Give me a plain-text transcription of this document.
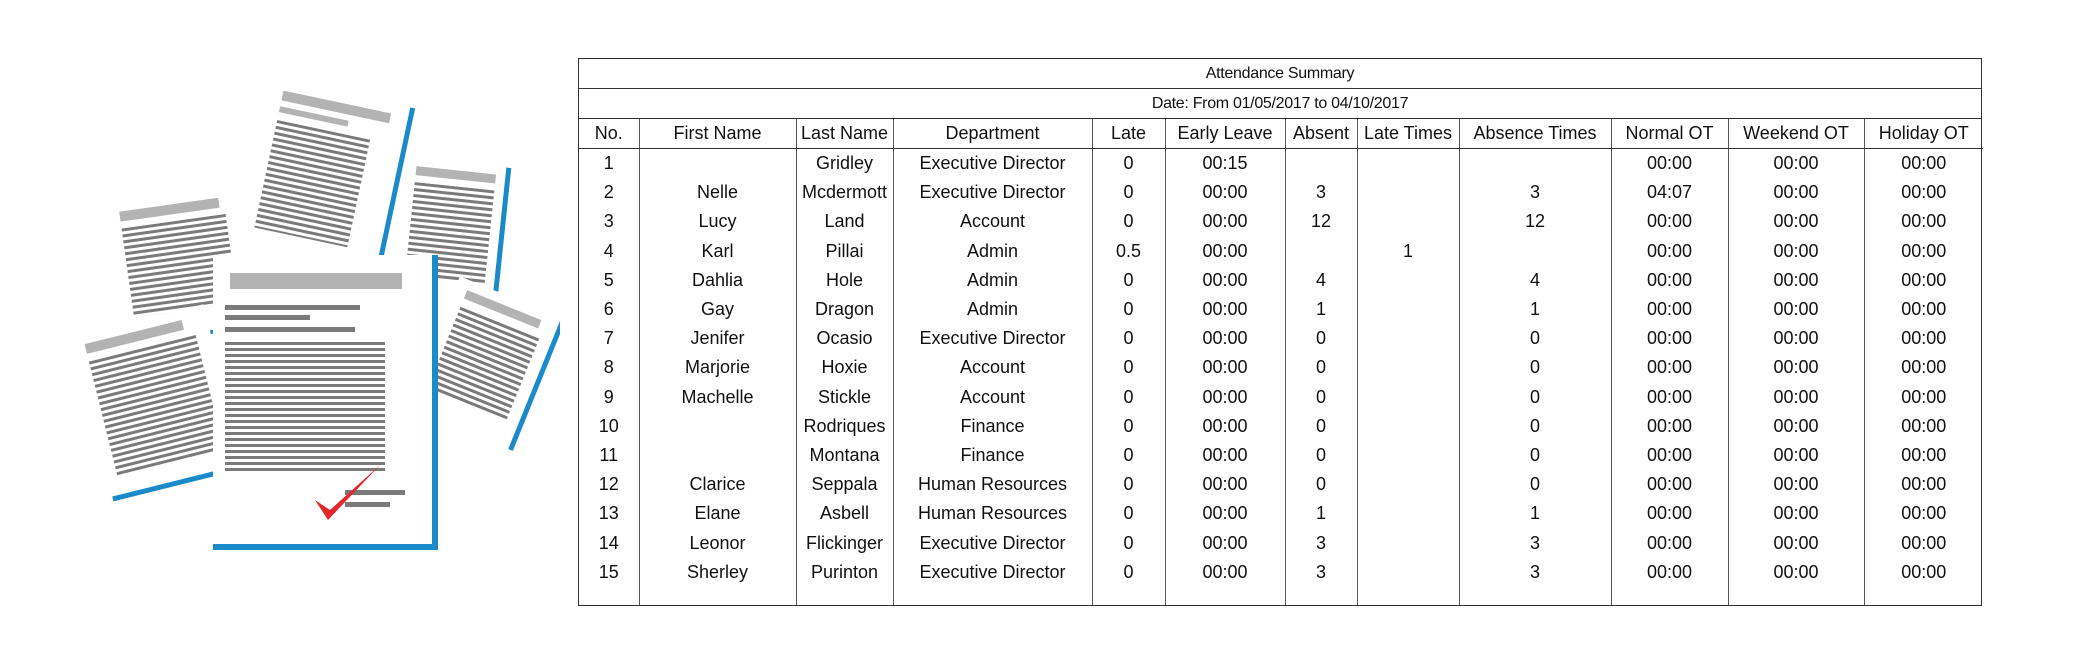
Attendance Summary
Date: From 01/05/2017 to 04/10/2017
No.	First Name	Last Name	Department	Late	Early Leave	Absent	Late Times	Absence Times	Normal OT	Weekend OT	Holiday OT
1		Gridley	Executive Director	0	00:15				00:00	00:00	00:00
2	Nelle	Mcdermott	Executive Director	0	00:00	3		3	04:07	00:00	00:00
3	Lucy	Land	Account	0	00:00	12		12	00:00	00:00	00:00
4	Karl	Pillai	Admin	0.5	00:00		1		00:00	00:00	00:00
5	Dahlia	Hole	Admin	0	00:00	4		4	00:00	00:00	00:00
6	Gay	Dragon	Admin	0	00:00	1		1	00:00	00:00	00:00
7	Jenifer	Ocasio	Executive Director	0	00:00	0		0	00:00	00:00	00:00
8	Marjorie	Hoxie	Account	0	00:00	0		0	00:00	00:00	00:00
9	Machelle	Stickle	Account	0	00:00	0		0	00:00	00:00	00:00
10		Rodriques	Finance	0	00:00	0		0	00:00	00:00	00:00
11		Montana	Finance	0	00:00	0		0	00:00	00:00	00:00
12	Clarice	Seppala	Human Resources	0	00:00	0		0	00:00	00:00	00:00
13	Elane	Asbell	Human Resources	0	00:00	1		1	00:00	00:00	00:00
14	Leonor	Flickinger	Executive Director	0	00:00	3		3	00:00	00:00	00:00
15	Sherley	Purinton	Executive Director	0	00:00	3		3	00:00	00:00	00:00
